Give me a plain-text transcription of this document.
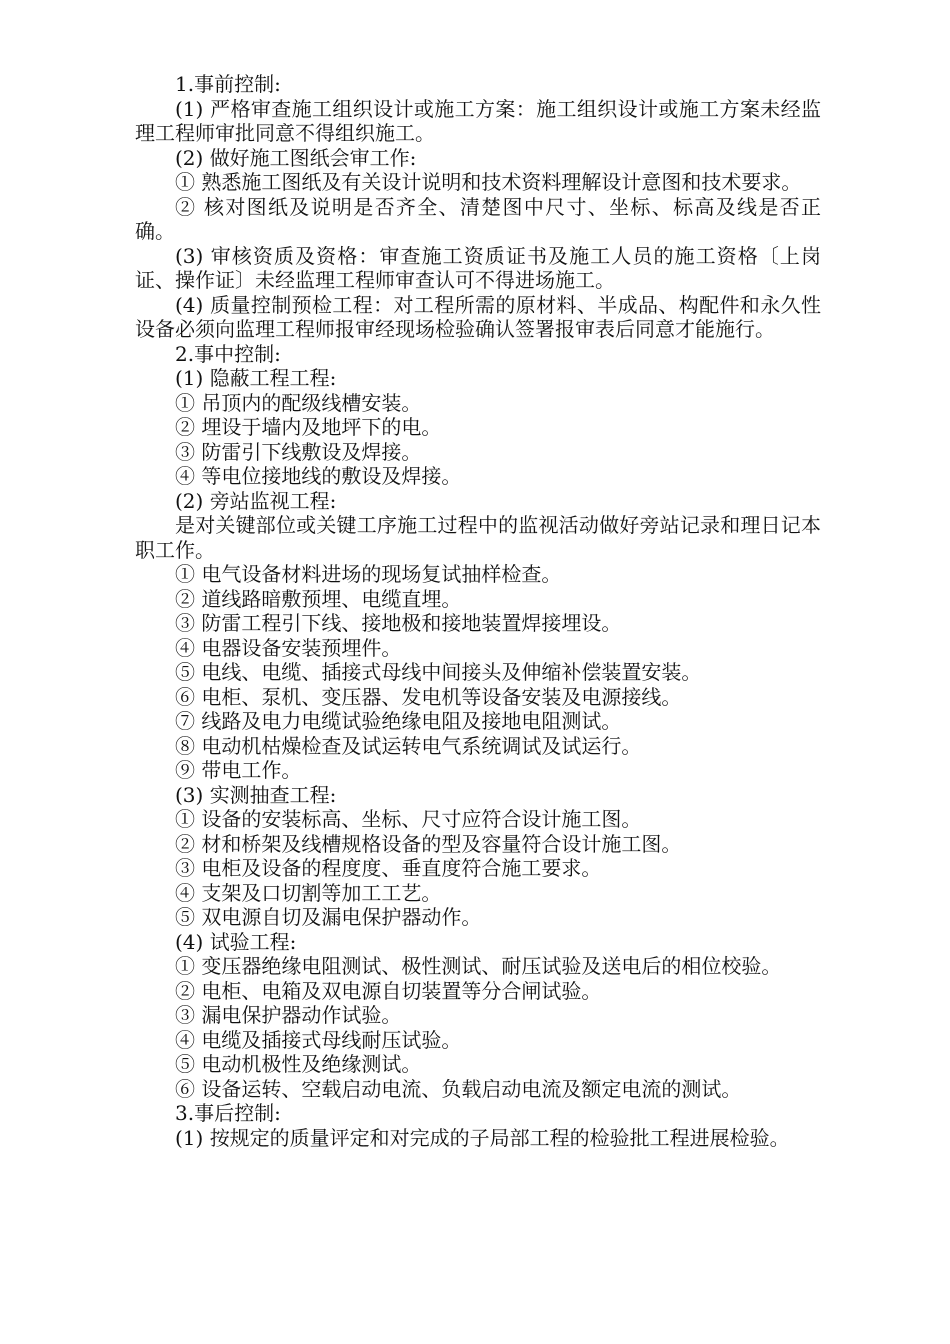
1.事前控制:

(1) 严格审查施工组织设计或施工方案：施工组织设计或施工方案未经监理工程师审批同意不得组织施工。

(2) 做好施工图纸会审工作:

① 熟悉施工图纸及有关设计说明和技术资料理解设计意图和技术要求。

② 核对图纸及说明是否齐全、清楚图中尺寸、坐标、标高及线是否正确。

(3) 审核资质及资格：审查施工资质证书及施工人员的施工资格〔上岗证、操作证〕未经监理工程师审查认可不得进场施工。

(4) 质量控制预检工程：对工程所需的原材料、半成品、构配件和永久性设备必须向监理工程师报审经现场检验确认签署报审表后同意才能施行。

2.事中控制:

(1) 隐蔽工程工程:

① 吊顶内的配级线槽安装。

② 埋设于墙内及地坪下的电。

③ 防雷引下线敷设及焊接。

④ 等电位接地线的敷设及焊接。

(2) 旁站监视工程:

是对关键部位或关键工序施工过程中的监视活动做好旁站记录和理日记本职工作。

① 电气设备材料进场的现场复试抽样检查。

② 道线路暗敷预埋、电缆直埋。

③ 防雷工程引下线、接地极和接地装置焊接埋设。

④ 电器设备安装预埋件。

⑤ 电线、电缆、插接式母线中间接头及伸缩补偿装置安装。

⑥ 电柜、泵机、变压器、发电机等设备安装及电源接线。

⑦ 线路及电力电缆试验绝缘电阻及接地电阻测试。

⑧ 电动机枯燥检查及试运转电气系统调试及试运行。

⑨ 带电工作。

(3) 实测抽查工程:

① 设备的安装标高、坐标、尺寸应符合设计施工图。

② 材和桥架及线槽规格设备的型及容量符合设计施工图。

③ 电柜及设备的程度度、垂直度符合施工要求。

④ 支架及口切割等加工工艺。

⑤ 双电源自切及漏电保护器动作。

(4) 试验工程:

① 变压器绝缘电阻测试、极性测试、耐压试验及送电后的相位校验。

② 电柜、电箱及双电源自切装置等分合闸试验。

③ 漏电保护器动作试验。

④ 电缆及插接式母线耐压试验。

⑤ 电动机极性及绝缘测试。

⑥ 设备运转、空载启动电流、负载启动电流及额定电流的测试。

3.事后控制:

(1) 按规定的质量评定和对完成的子局部工程的检验批工程进展检验。
